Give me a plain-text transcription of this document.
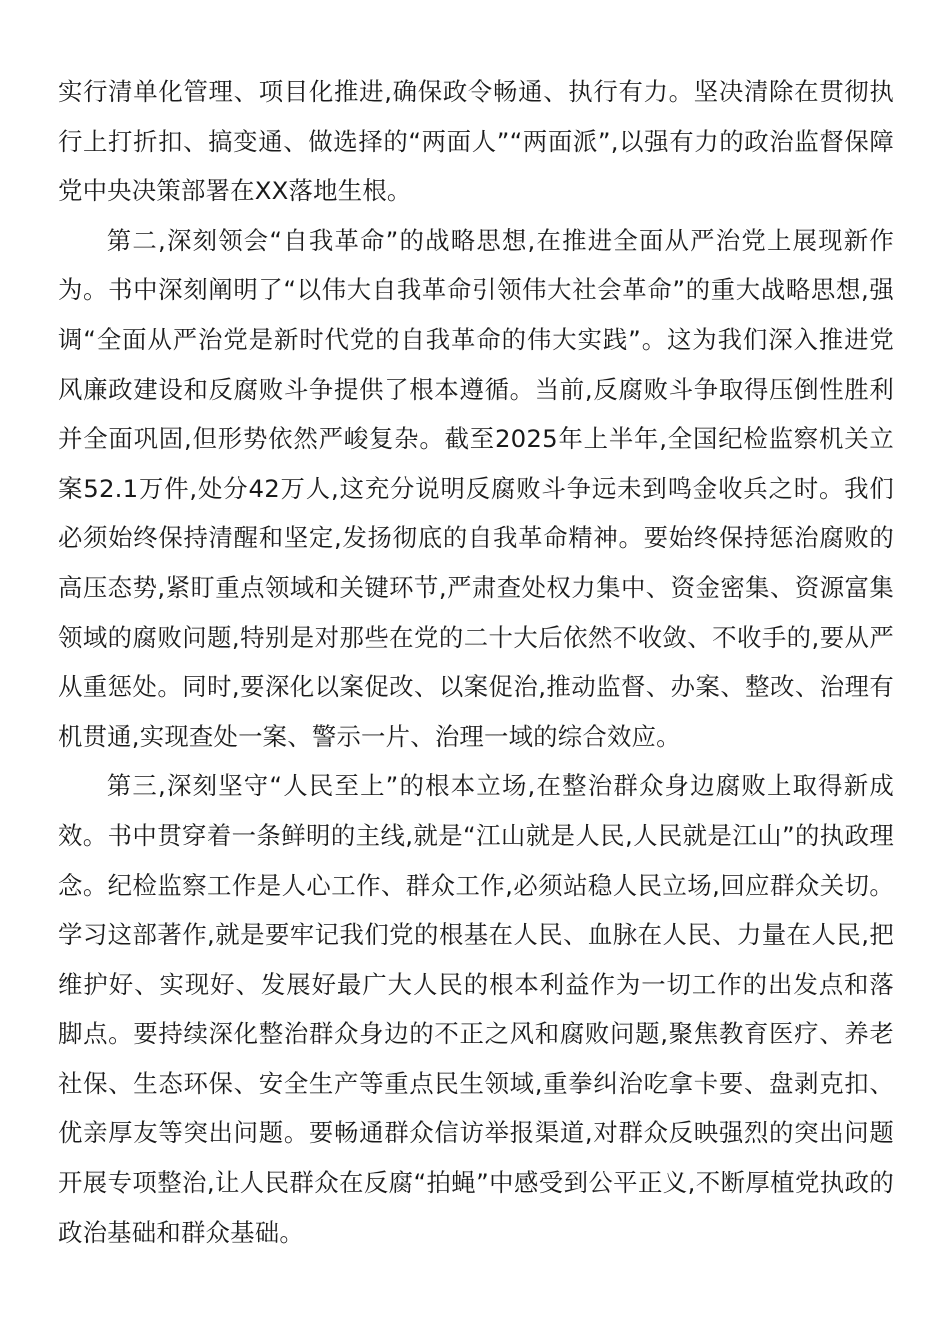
实行清单化管理、项目化推进,确保政令畅通、执行有力。坚决清除在贯彻执行上打折扣、搞变通、做选择的“两面人”“两面派”,以强有力的政治监督保障党中央决策部署在XX落地生根。

第二,深刻领会“自我革命”的战略思想,在推进全面从严治党上展现新作为。书中深刻阐明了“以伟大自我革命引领伟大社会革命”的重大战略思想,强调“全面从严治党是新时代党的自我革命的伟大实践”。这为我们深入推进党风廉政建设和反腐败斗争提供了根本遵循。当前,反腐败斗争取得压倒性胜利并全面巩固,但形势依然严峻复杂。截至2025年上半年,全国纪检监察机关立案52.1万件,处分42万人,这充分说明反腐败斗争远未到鸣金收兵之时。我们必须始终保持清醒和坚定,发扬彻底的自我革命精神。要始终保持惩治腐败的高压态势,紧盯重点领域和关键环节,严肃查处权力集中、资金密集、资源富集领域的腐败问题,特别是对那些在党的二十大后依然不收敛、不收手的,要从严从重惩处。同时,要深化以案促改、以案促治,推动监督、办案、整改、治理有机贯通,实现查处一案、警示一片、治理一域的综合效应。

第三,深刻坚守“人民至上”的根本立场,在整治群众身边腐败上取得新成效。书中贯穿着一条鲜明的主线,就是“江山就是人民,人民就是江山”的执政理念。纪检监察工作是人心工作、群众工作,必须站稳人民立场,回应群众关切。学习这部著作,就是要牢记我们党的根基在人民、血脉在人民、力量在人民,把维护好、实现好、发展好最广大人民的根本利益作为一切工作的出发点和落脚点。要持续深化整治群众身边的不正之风和腐败问题,聚焦教育医疗、养老社保、生态环保、安全生产等重点民生领域,重拳纠治吃拿卡要、盘剥克扣、优亲厚友等突出问题。要畅通群众信访举报渠道,对群众反映强烈的突出问题开展专项整治,让人民群众在反腐“拍蝇”中感受到公平正义,不断厚植党执政的政治基础和群众基础。
